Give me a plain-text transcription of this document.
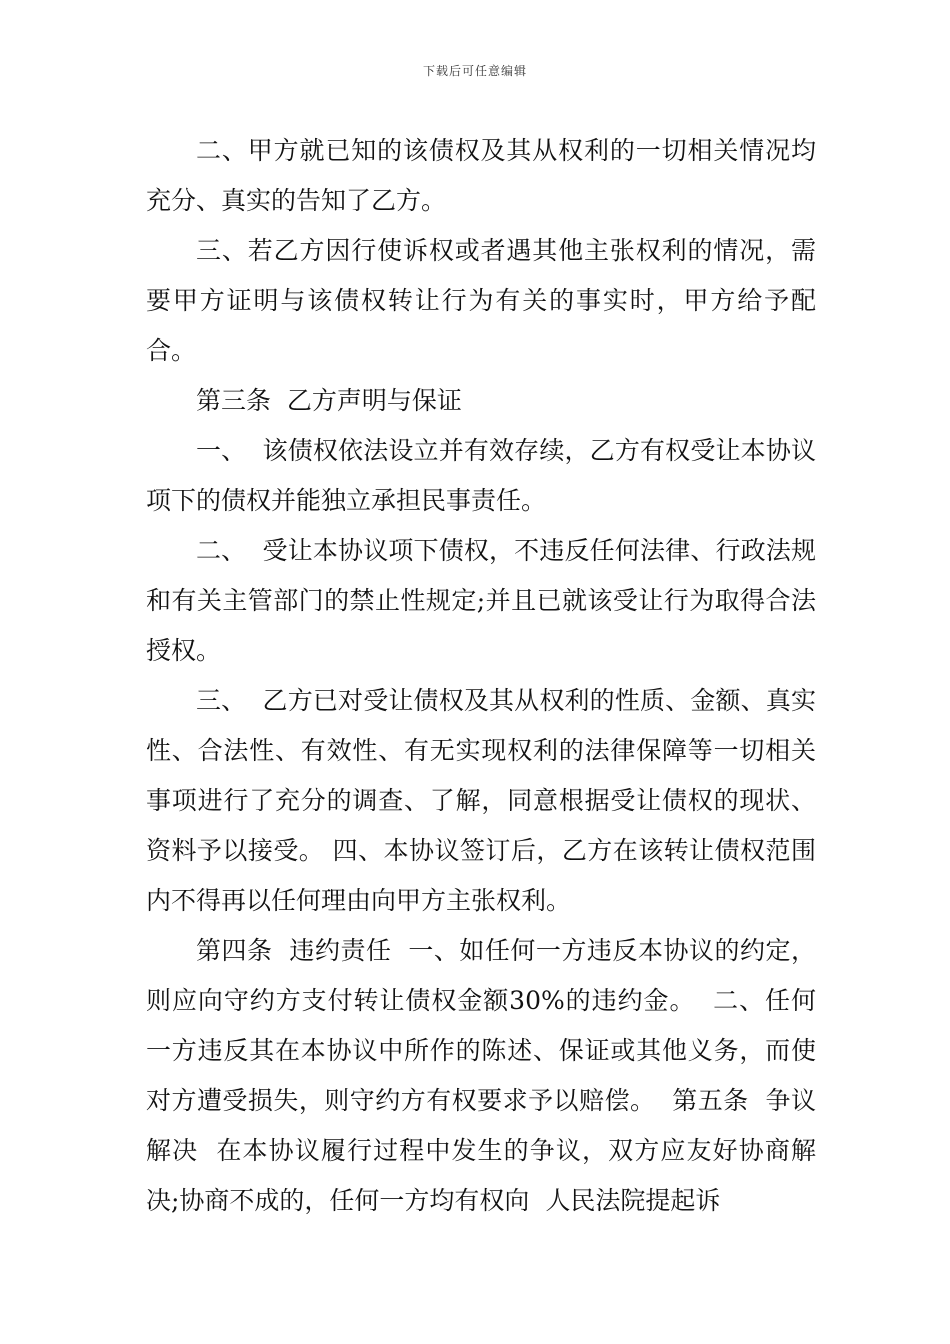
下载后可任意编辑

二、甲方就已知的该债权及其从权利的一切相关情况均充分、真实的告知了乙方。

三、若乙方因行使诉权或者遇其他主张权利的情况，需要甲方证明与该债权转让行为有关的事实时，甲方给予配合。

第三条  乙方声明与保证

一、  该债权依法设立并有效存续，乙方有权受让本协议项下的债权并能独立承担民事责任。

二、  受让本协议项下债权，不违反任何法律、行政法规和有关主管部门的禁止性规定;并且已就该受让行为取得合法授权。

三、  乙方已对受让债权及其从权利的性质、金额、真实性、合法性、有效性、有无实现权利的法律保障等一切相关事项进行了充分的调查、了解，同意根据受让债权的现状、资料予以接受。 四、本协议签订后，乙方在该转让债权范围内不得再以任何理由向甲方主张权利。

第四条  违约责任  一、如任何一方违反本协议的约定，则应向守约方支付转让债权金额30%的违约金。  二、任何一方违反其在本协议中所作的陈述、保证或其他义务，而使对方遭受损失，则守约方有权要求予以赔偿。  第五条  争议解决  在本协议履行过程中发生的争议，双方应友好协商解决;协商不成的，任何一方均有权向  人民法院提起诉
